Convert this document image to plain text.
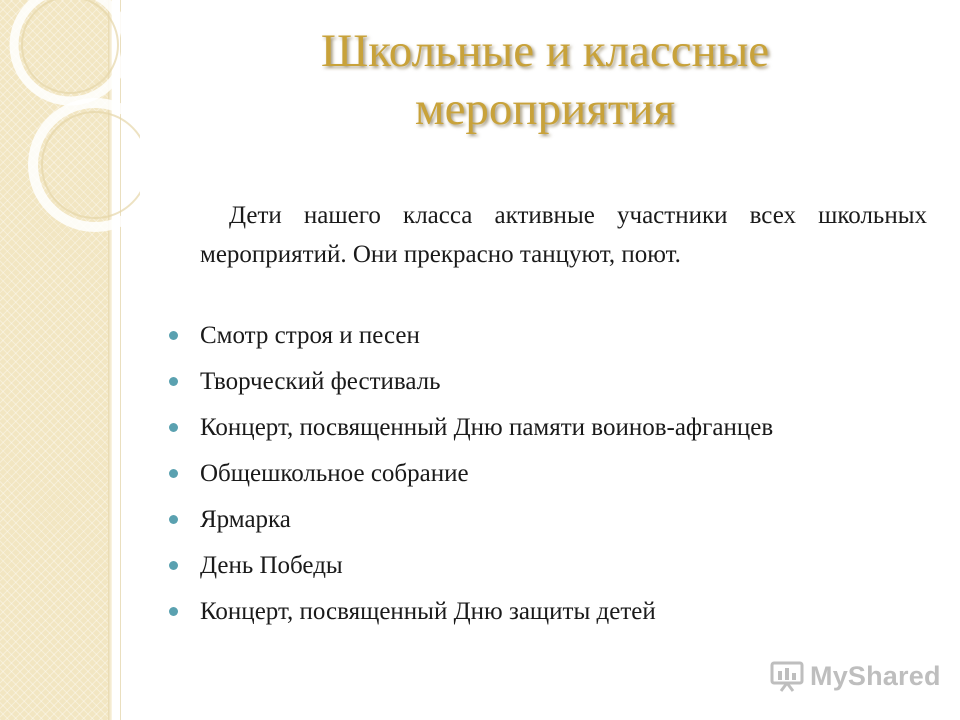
Школьные и классные
мероприятия

Дети нашего класса активные участники всех школьных мероприятий. Они прекрасно танцуют, поют.

Смотр строя и песен
Творческий фестиваль
Концерт, посвященный Дню памяти воинов-афганцев
Общешкольное собрание
Ярмарка
День Победы
Концерт, посвященный Дню защиты детей
MyShared
